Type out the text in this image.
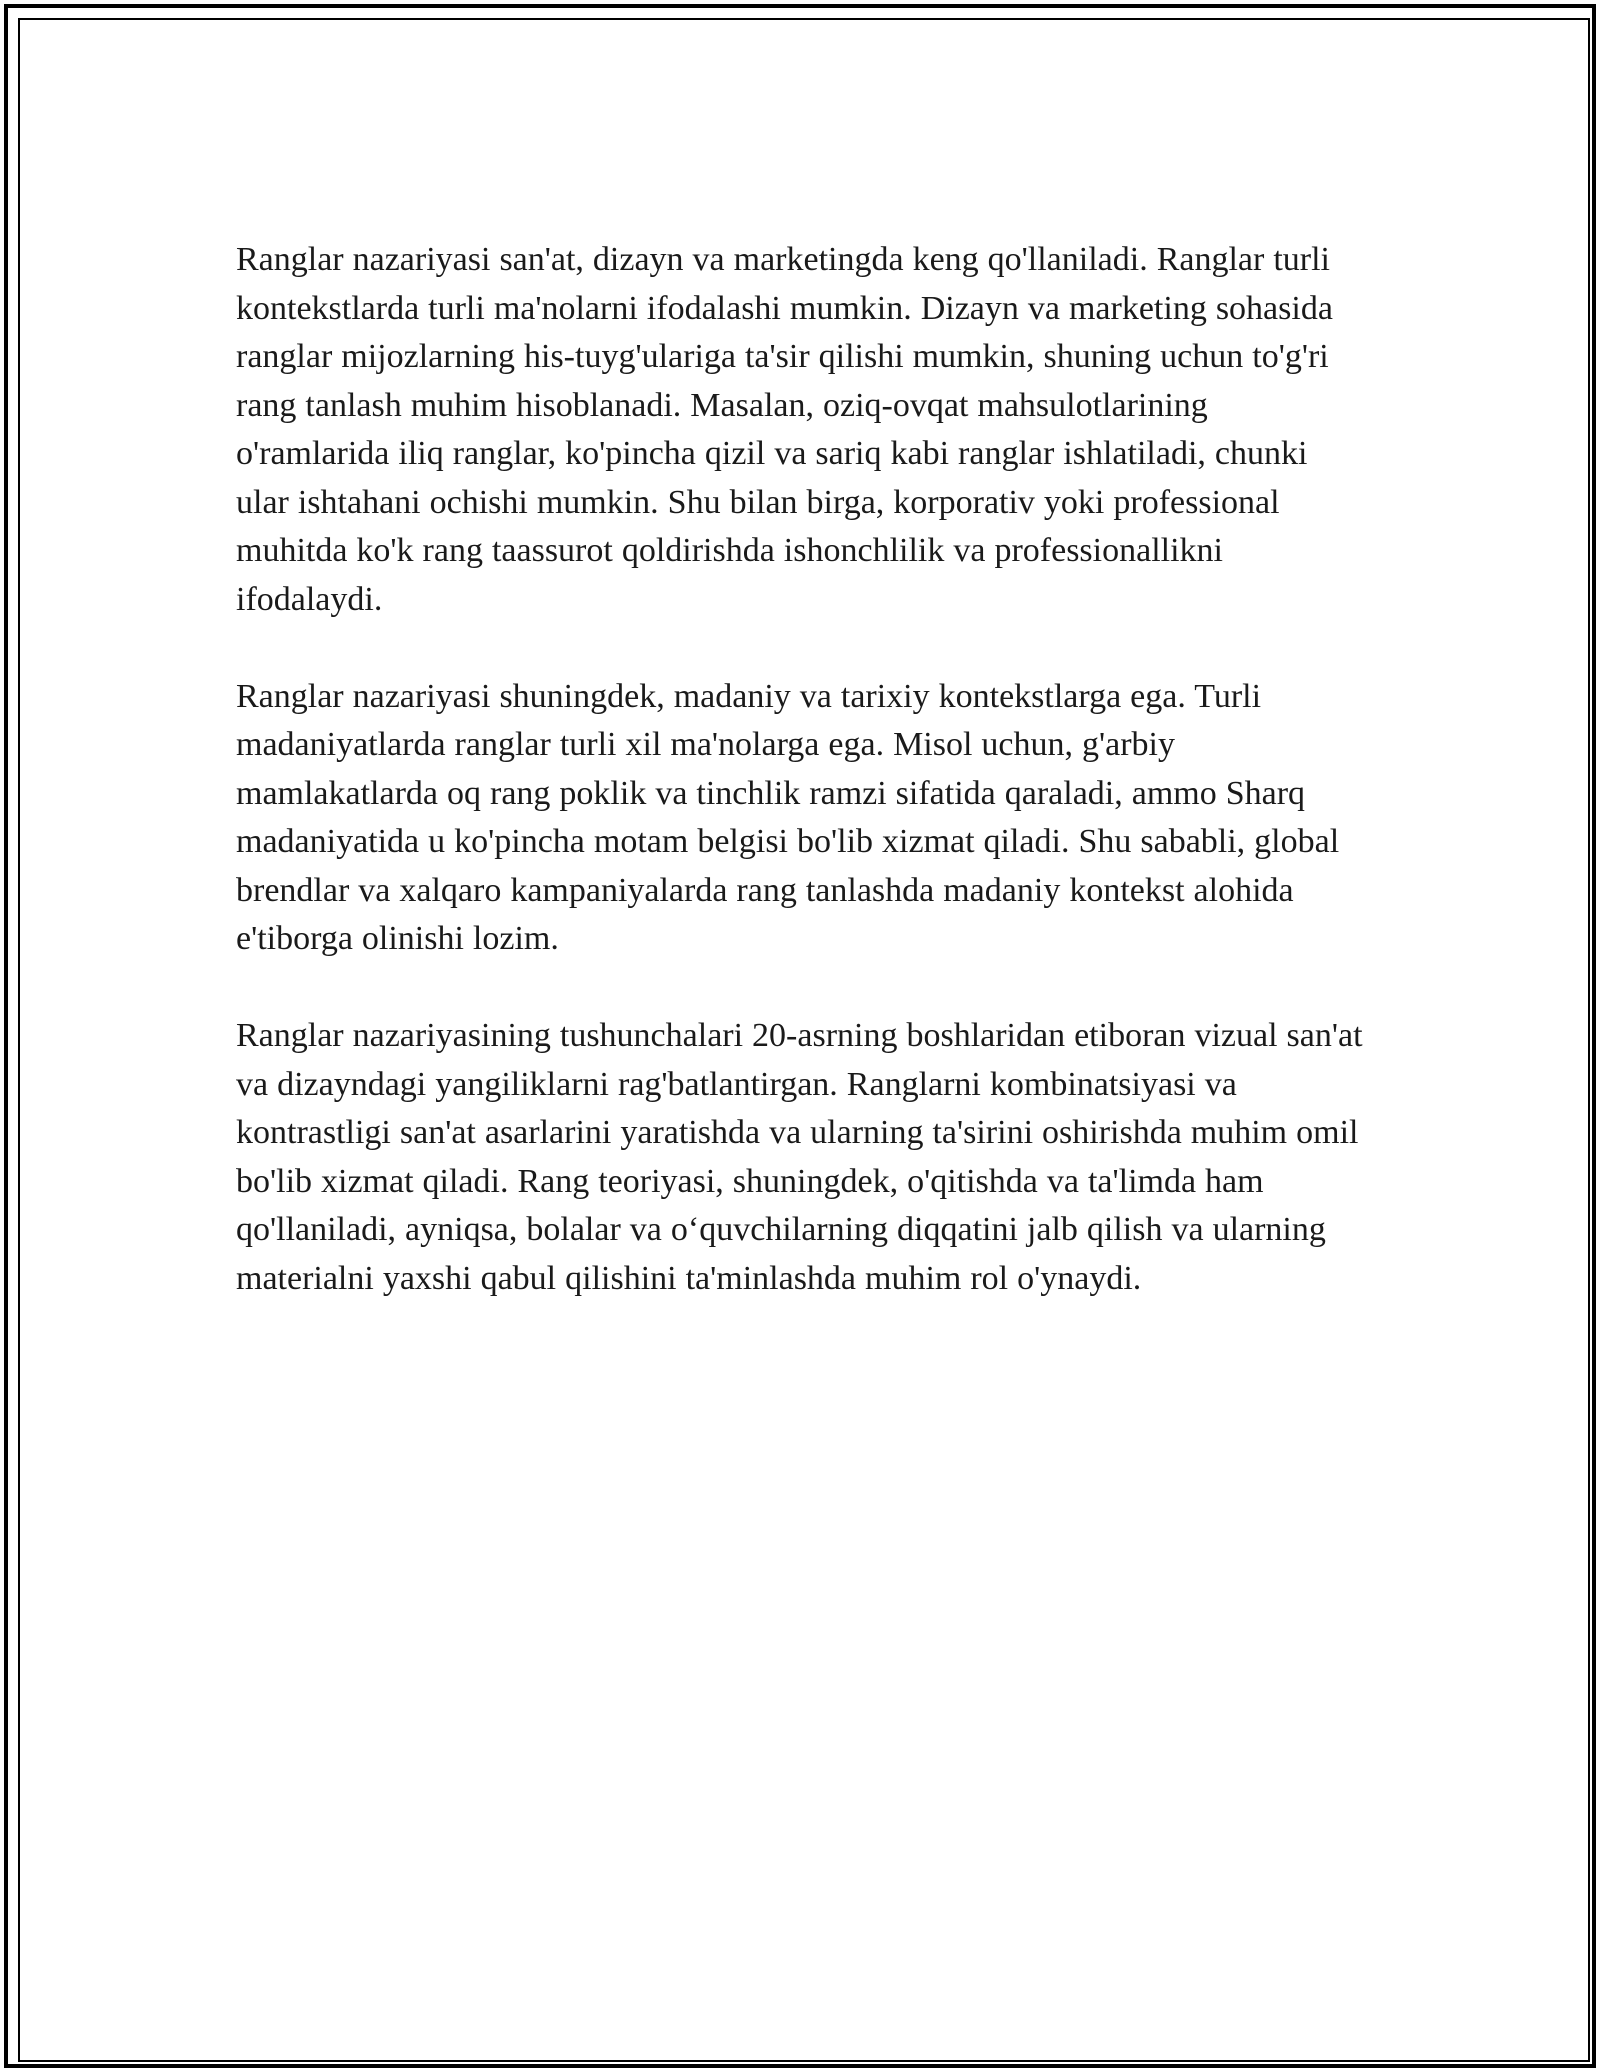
Ranglar nazariyasi san'at, dizayn va marketingda keng qo'llaniladi. Ranglar turli kontekstlarda turli ma'nolarni ifodalashi mumkin. Dizayn va marketing sohasida ranglar mijozlarning his-tuyg'ulariga ta'sir qilishi mumkin, shuning uchun to'g'ri rang tanlash muhim hisoblanadi. Masalan, oziq-ovqat mahsulotlarining o'ramlarida iliq ranglar, ko'pincha qizil va sariq kabi ranglar ishlatiladi, chunki ular ishtahani ochishi mumkin. Shu bilan birga, korporativ yoki professional muhitda ko'k rang taassurot qoldirishda ishonchlilik va professionallikni ifodalaydi.

Ranglar nazariyasi shuningdek, madaniy va tarixiy kontekstlarga ega. Turli madaniyatlarda ranglar turli xil ma'nolarga ega. Misol uchun, g'arbiy mamlakatlarda oq rang poklik va tinchlik ramzi sifatida qaraladi, ammo Sharq madaniyatida u ko'pincha motam belgisi bo'lib xizmat qiladi. Shu sababli, global brendlar va xalqaro kampaniyalarda rang tanlashda madaniy kontekst alohida e'tiborga olinishi lozim.

Ranglar nazariyasining tushunchalari 20-asrning boshlaridan etiboran vizual san'at va dizayndagi yangiliklarni rag'batlantirgan. Ranglarni kombinatsiyasi va kontrastligi san'at asarlarini yaratishda va ularning ta'sirini oshirishda muhim omil bo'lib xizmat qiladi. Rang teoriyasi, shuningdek, o'qitishda va ta'limda ham qo'llaniladi, ayniqsa, bolalar va o‘quvchilarning diqqatini jalb qilish va ularning materialni yaxshi qabul qilishini ta'minlashda muhim rol o'ynaydi.
